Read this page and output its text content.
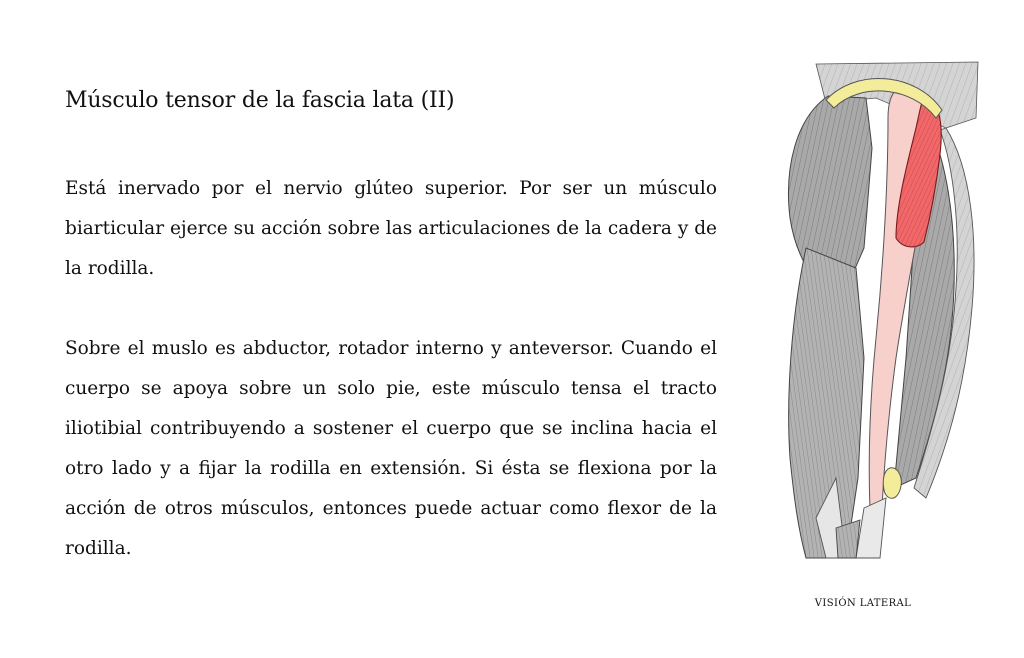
Músculo tensor de la fascia lata (II)

Está inervado por el nervio glúteo superior. Por ser un músculo biarticular ejerce su acción sobre las articulaciones de la cadera y de la rodilla.

Sobre el muslo es abductor, rotador interno y anteversor. Cuando el cuerpo se apoya sobre un solo pie, este músculo tensa el tracto iliotibial contribuyendo a sostener el cuerpo que se inclina hacia el otro lado y a fijar la rodilla en extensión. Si ésta se flexiona por la acción de otros músculos, entonces puede actuar como flexor de la rodilla.

VISIÓN LATERAL
